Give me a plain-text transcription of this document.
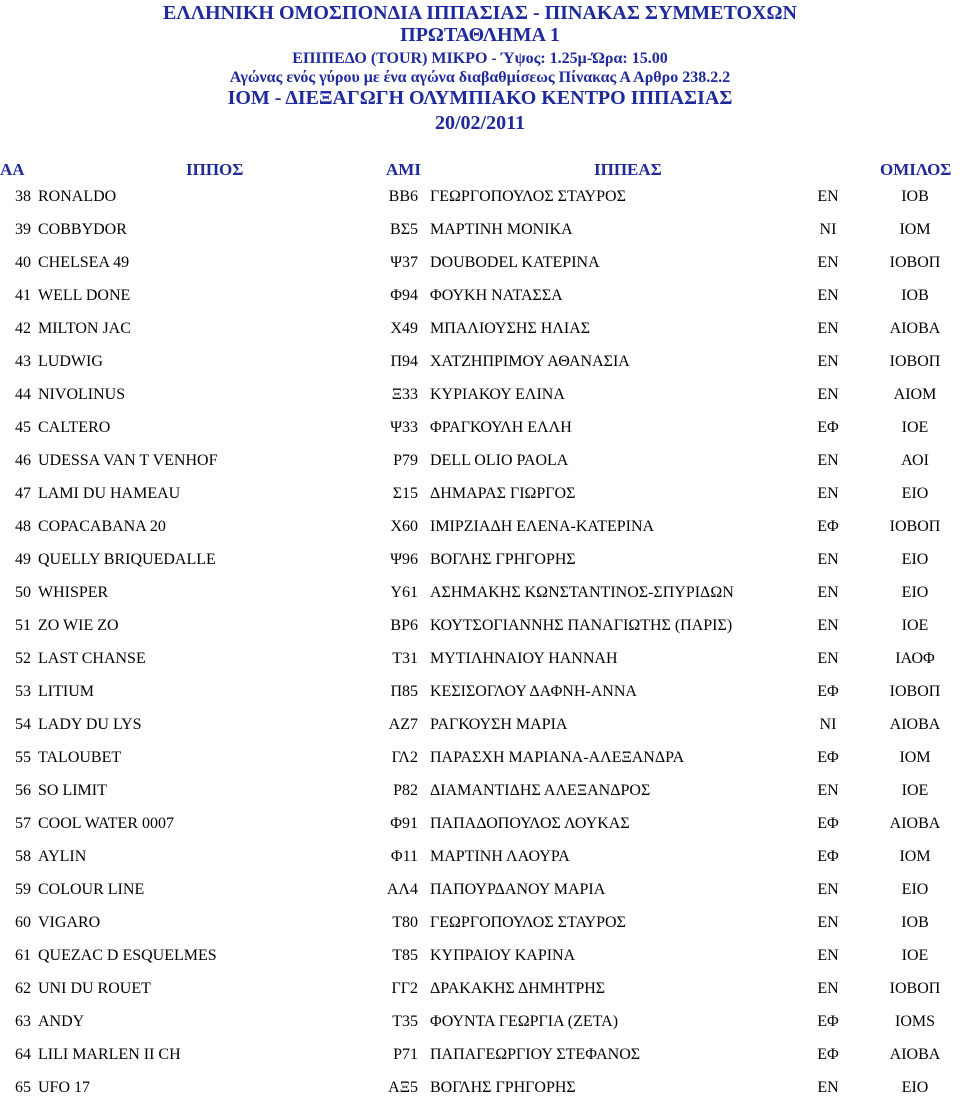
ΕΛΛΗΝΙΚΗ ΟΜΟΣΠΟΝΔΙΑ ΙΠΠΑΣΙΑΣ - ΠΙΝΑΚΑΣ ΣΥΜΜΕΤΟΧΩΝ
ΠΡΩΤΑΘΛΗΜΑ 1
ΕΠΙΠΕΔΟ (TOUR) ΜΙΚΡΟ - Ύψος: 1.25μ-Ώρα: 15.00
Αγώνας ενός γύρου με ένα αγώνα διαβαθμίσεως Πίνακας Α Αρθρο 238.2.2
ΙΟΜ - ΔΙΕΞΑΓΩΓΗ ΟΛΥΜΠΙΑΚΟ ΚΕΝΤΡΟ ΙΠΠΑΣΙΑΣ
20/02/2011
AA	ΙΠΠΟΣ	ΑΜΙ	ΙΠΠΕΑΣ	ΟΜΙΛΟΣ
38 RONALDO	ΒΒ6 ΓΕΩΡΓΟΠΟΥΛΟΣ ΣΤΑΥΡΟΣ	ΕΝ	ΙΟΒ
39 COBBYDOR	ΒΣ5 ΜΑΡΤΙΝΗ ΜΟΝΙΚΑ	ΝΙ	ΙΟΜ
40 CHELSEA 49	Ψ37 DOUBODEL ΚΑΤΕΡΙΝΑ	ΕΝ	ΙΟΒΟΠ
41 WELL DONE	Φ94 ΦΟΥΚΗ ΝΑΤΑΣΣΑ	ΕΝ	ΙΟΒ
42 MILTON JAC	Χ49 ΜΠΑΛΙΟΥΣΗΣ ΗΛΙΑΣ	ΕΝ	ΑΙΟΒΑ
43 LUDWIG	Π94 ΧΑΤΖΗΠΡΙΜΟΥ ΑΘΑΝΑΣΙΑ	ΕΝ	ΙΟΒΟΠ
44 NIVOLINUS	Ξ33 ΚΥΡΙΑΚΟΥ ΕΛΙΝΑ	ΕΝ	ΑΙΟΜ
45 CALTERO	Ψ33 ΦΡΑΓΚΟΥΛΗ ΕΛΛΗ	ΕΦ	ΙΟΕ
46 UDESSA VAN T VENHOF	Ρ79 DELL OLIO PAOLA	ΕΝ	ΑΟΙ
47 LAMI DU HAMEAU	Σ15 ΔΗΜΑΡΑΣ ΓΙΩΡΓΟΣ	ΕΝ	ΕΙΟ
48 COPACABANA 20	Χ60 ΙΜΙΡΖΙΑΔΗ ΕΛΕΝΑ-ΚΑΤΕΡΙΝΑ	ΕΦ	ΙΟΒΟΠ
49 QUELLY BRIQUEDALLE	Ψ96 ΒΟΓΛΗΣ ΓΡΗΓΟΡΗΣ	ΕΝ	ΕΙΟ
50 WHISPER	Υ61 ΑΣΗΜΑΚΗΣ ΚΩΝΣΤΑΝΤΙΝΟΣ-ΣΠΥΡΙΔΩΝ	ΕΝ	ΕΙΟ
51 ZO WIE ZO	ΒΡ6 ΚΟΥΤΣΟΓΙΑΝΝΗΣ ΠΑΝΑΓΙΩΤΗΣ (ΠΑΡΙΣ)	ΕΝ	ΙΟΕ
52 LAST CHANSE	Τ31 ΜΥΤΙΛΗΝΑΙΟΥ ΗΑΝΝΑΗ	ΕΝ	ΙΑΟΦ
53 LITIUM	Π85 ΚΕΣΙΣΟΓΛΟΥ ΔΑΦΝΗ-ΑΝΝΑ	ΕΦ	ΙΟΒΟΠ
54 LADY DU LYS	ΑΖ7 ΡΑΓΚΟΥΣΗ ΜΑΡΙΑ	ΝΙ	ΑΙΟΒΑ
55 TALOUBET	ΓΛ2 ΠΑΡΑΣΧΗ ΜΑΡΙΑΝΑ-ΑΛΕΞΑΝΔΡΑ	ΕΦ	ΙΟΜ
56 SO LIMIT	Ρ82 ΔΙΑΜΑΝΤΙΔΗΣ ΑΛΕΞΑΝΔΡΟΣ	ΕΝ	ΙΟΕ
57 COOL WATER 0007	Φ91 ΠΑΠΑΔΟΠΟΥΛΟΣ ΛΟΥΚΑΣ	ΕΦ	ΑΙΟΒΑ
58 AYLIN	Φ11 ΜΑΡΤΙΝΗ ΛΑΟΥΡΑ	ΕΦ	ΙΟΜ
59 COLOUR LINE	ΑΛ4 ΠΑΠΟΥΡΔΑΝΟΥ ΜΑΡΙΑ	ΕΝ	ΕΙΟ
60 VIGARO	Τ80 ΓΕΩΡΓΟΠΟΥΛΟΣ ΣΤΑΥΡΟΣ	ΕΝ	ΙΟΒ
61 QUEZAC D ESQUELMES	Τ85 ΚΥΠΡΑΙΟΥ ΚΑΡΙΝΑ	ΕΝ	ΙΟΕ
62 UNI DU ROUET	ΓΓ2 ΔΡΑΚΑΚΗΣ ΔΗΜΗΤΡΗΣ	ΕΝ	ΙΟΒΟΠ
63 ANDY	Τ35 ΦΟΥΝΤΑ ΓΕΩΡΓΙΑ (ΖΕΤΑ)	ΕΦ	ΙΟΜS
64 LILI MARLEN II CH	Ρ71 ΠΑΠΑΓΕΩΡΓΙΟΥ ΣΤΕΦΑΝΟΣ	ΕΦ	ΑΙΟΒΑ
65 UFO 17	ΑΞ5 ΒΟΓΛΗΣ ΓΡΗΓΟΡΗΣ	ΕΝ	ΕΙΟ
